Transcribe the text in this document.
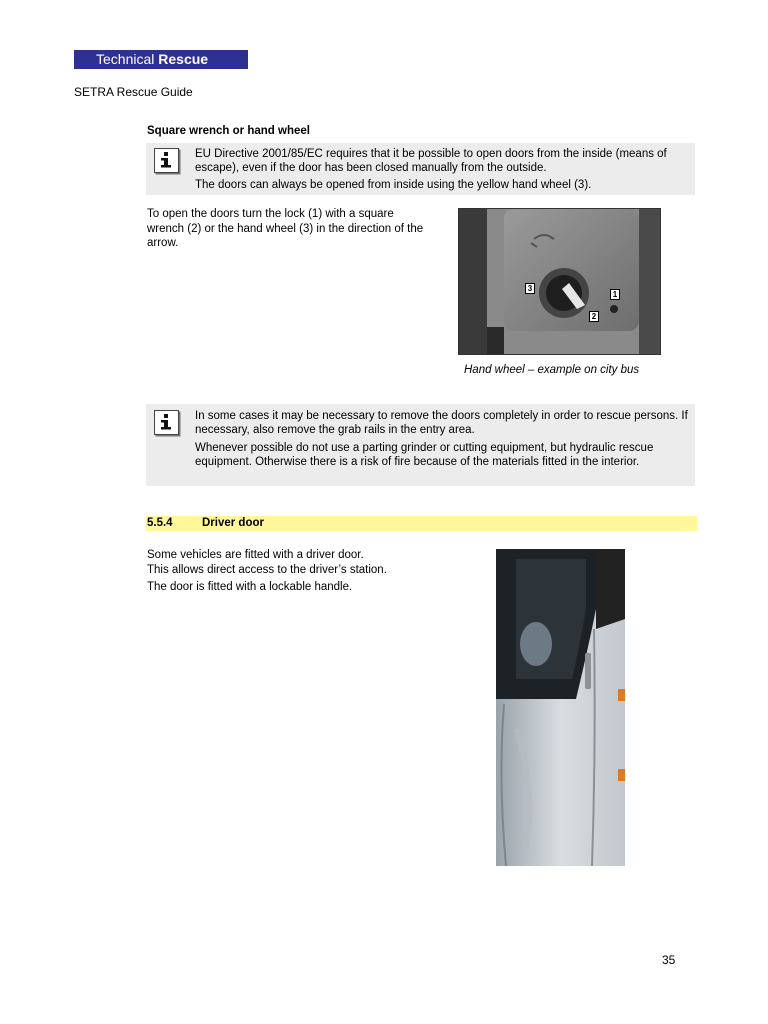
Technical Rescue
SETRA Rescue Guide
Square wrench or hand wheel
EU Directive 2001/85/EC requires that it be possible to open doors from the inside (means of escape), even if the door has been closed manually from the outside.
The doors can always be opened from inside using the yellow hand wheel (3).
To open the doors turn the lock (1) with a square wrench (2) or the hand wheel (3) in the direction of the arrow.
3
1
2
Hand wheel – example on city bus
In some cases it may be necessary to remove the doors completely in order to rescue persons. If necessary, also remove the grab rails in the entry area.
Whenever possible do not use a parting grinder or cutting equipment, but hydraulic rescue equipment. Otherwise there is a risk of fire because of the materials fitted in the interior.
5.5.4	Driver door
Some vehicles are fitted with a driver door.
This allows direct access to the driver’s station.
The door is fitted with a lockable handle.
35
